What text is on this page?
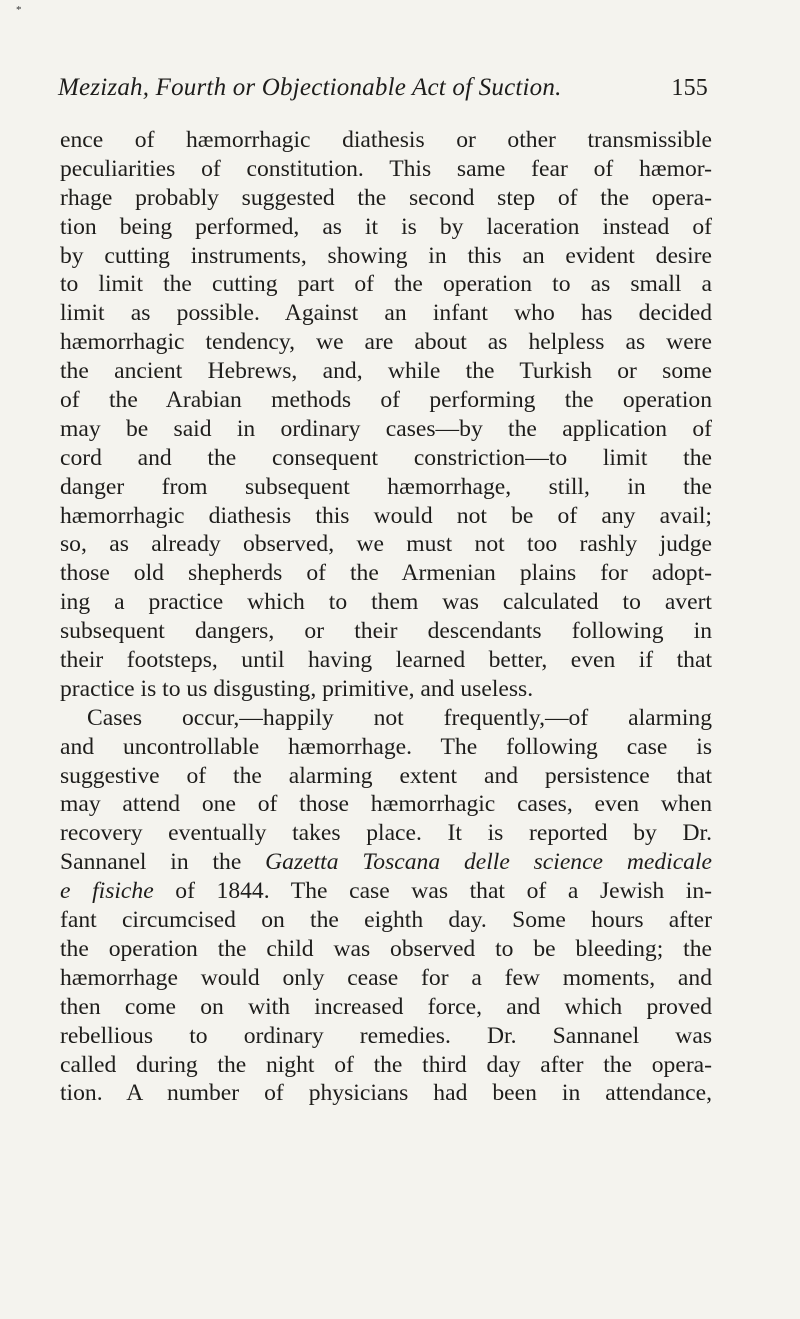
*
Mezizah, Fourth or Objectionable Act of Suction.	155
ence of hæmorrhagic diathesis or other transmissible
peculiarities of constitution. This same fear of hæmor-
rhage probably suggested the second step of the opera-
tion being performed, as it is by laceration instead of
by cutting instruments, showing in this an evident desire
to limit the cutting part of the operation to as small a
limit as possible. Against an infant who has decided
hæmorrhagic tendency, we are about as helpless as were
the ancient Hebrews, and, while the Turkish or some
of the Arabian methods of performing the operation
may be said in ordinary cases—by the application of
cord and the consequent constriction—to limit the
danger from subsequent hæmorrhage, still, in the
hæmorrhagic diathesis this would not be of any avail;
so, as already observed, we must not too rashly judge
those old shepherds of the Armenian plains for adopt-
ing a practice which to them was calculated to avert
subsequent dangers, or their descendants following in
their footsteps, until having learned better, even if that
practice is to us disgusting, primitive, and useless.
Cases occur,—happily not frequently,—of alarming
and uncontrollable hæmorrhage. The following case is
suggestive of the alarming extent and persistence that
may attend one of those hæmorrhagic cases, even when
recovery eventually takes place. It is reported by Dr.
Sannanel in the Gazetta Toscana delle science medicale
e fisiche of 1844. The case was that of a Jewish in-
fant circumcised on the eighth day. Some hours after
the operation the child was observed to be bleeding; the
hæmorrhage would only cease for a few moments, and
then come on with increased force, and which proved
rebellious to ordinary remedies. Dr. Sannanel was
called during the night of the third day after the opera-
tion. A number of physicians had been in attendance,
